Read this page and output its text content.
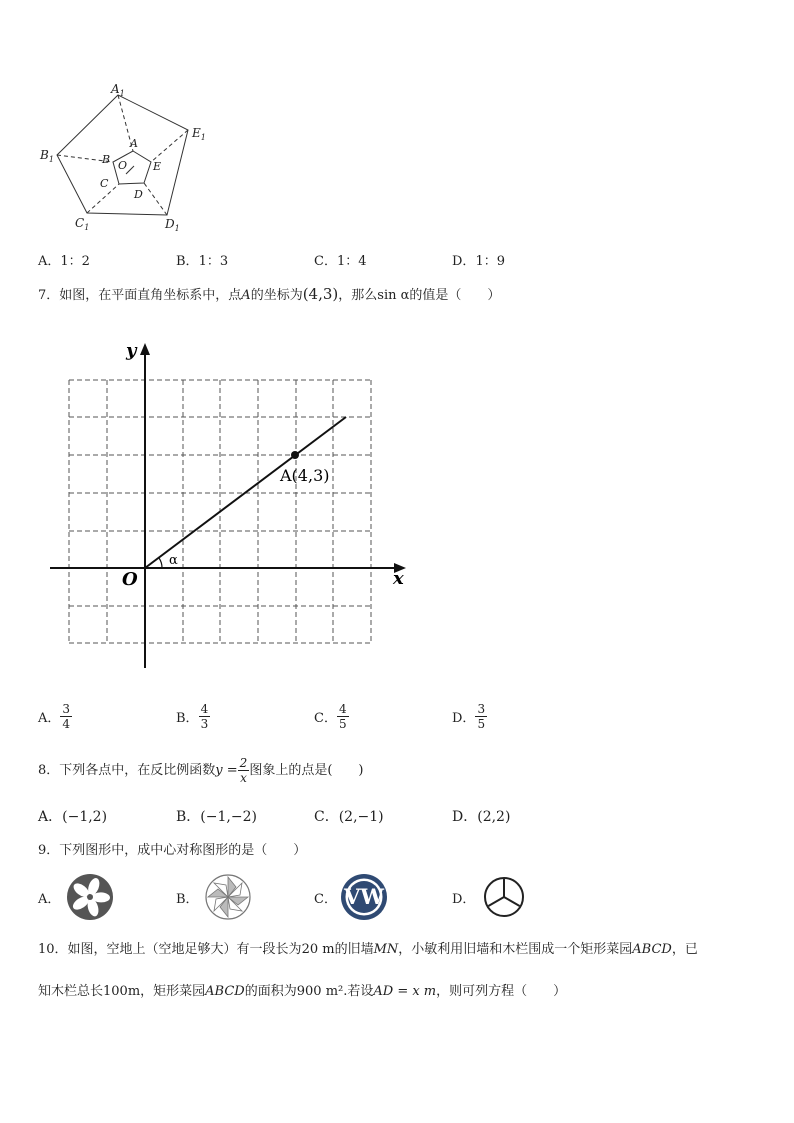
$A_1$
$E_1$
$B_1$
$C_1$	$D_1$
A
E
B
C
D
O
A．1：2	B．1：3	C．1：4	D．1：9
7．如图，在平面直角坐标系中，点A的坐标为(4,3)，那么sin α的值是（　　）
y
x
O
α
A(4,3)
A． $\frac{3}{4}$	B． $\frac{4}{3}$	C． $\frac{4}{5}$	D． $\frac{3}{5}$
8．下列各点中，在反比例函数$y = \frac{2}{x}$ 图象上的点是(　　)
A．(−1,2)	B．(−1,−2)	C．(2,−1)	D．(2,2)
9．下列图形中，成中心对称图形的是（　　）
A．	B．	C． VW	D．
10．如图，空地上（空地足够大）有一段长为20 m的旧墙MN，小敏利用旧墙和木栏围成一个矩形菜园ABCD，已
知木栏总长100m，矩形菜园ABCD的面积为900 m².若设AD = x m，则可列方程（　　）
